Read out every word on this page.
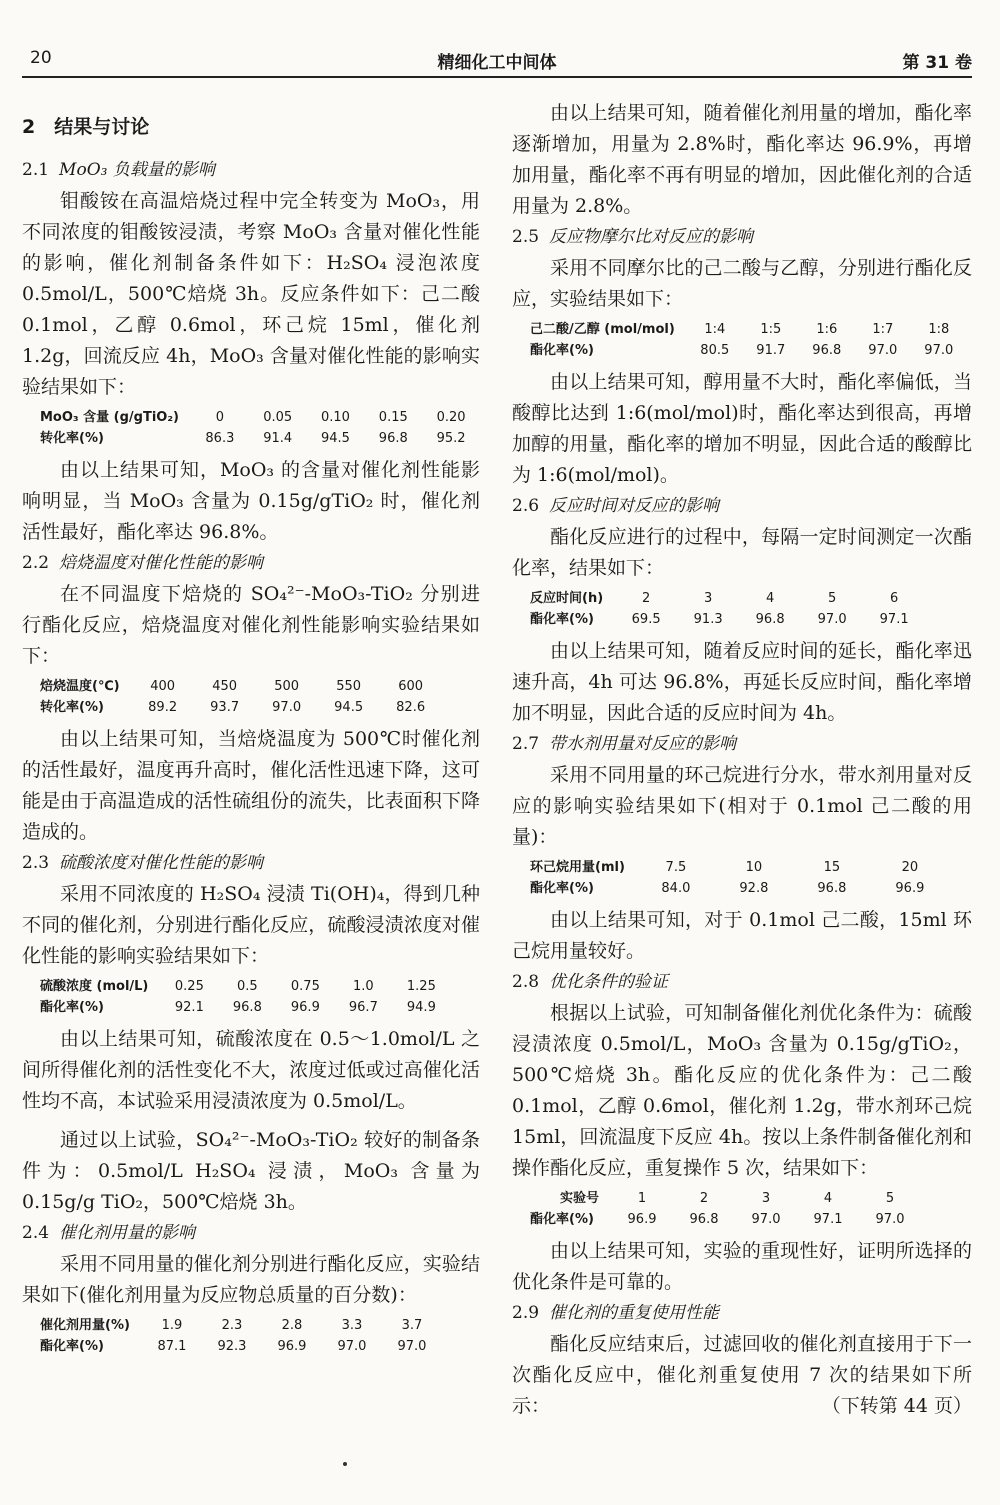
20	精细化工中间体	第 31 卷
2　结果与讨论
2.1 MoO₃ 负载量的影响

钼酸铵在高温焙烧过程中完全转变为 MoO₃，用不同浓度的钼酸铵浸渍，考察 MoO₃ 含量对催化性能的影响，催化剂制备条件如下：H₂SO₄ 浸泡浓度 0.5mol/L，500℃焙烧 3h。反应条件如下：己二酸 0.1mol，乙醇 0.6mol，环己烷 15ml，催化剂 1.2g，回流反应 4h，MoO₃ 含量对催化性能的影响实验结果如下：

MoO₃ 含量 (g/gTiO₂)	0	0.05	0.10	0.15	0.20
转化率(%)	86.3	91.4	94.5	96.8	95.2

由以上结果可知，MoO₃ 的含量对催化剂性能影响明显，当 MoO₃ 含量为 0.15g/gTiO₂ 时，催化剂活性最好，酯化率达 96.8%。

2.2 焙烧温度对催化性能的影响

在不同温度下焙烧的 SO₄²⁻-MoO₃-TiO₂ 分别进行酯化反应，焙烧温度对催化剂性能影响实验结果如下：

焙烧温度(℃)	400	450	500	550	600
转化率(%)	89.2	93.7	97.0	94.5	82.6

由以上结果可知，当焙烧温度为 500℃时催化剂的活性最好，温度再升高时，催化活性迅速下降，这可能是由于高温造成的活性硫组份的流失，比表面积下降造成的。

2.3 硫酸浓度对催化性能的影响

采用不同浓度的 H₂SO₄ 浸渍 Ti(OH)₄，得到几种不同的催化剂，分别进行酯化反应，硫酸浸渍浓度对催化性能的影响实验结果如下：

硫酸浓度 (mol/L)	0.25	0.5	0.75	1.0	1.25
酯化率(%)	92.1	96.8	96.9	96.7	94.9

由以上结果可知，硫酸浓度在 0.5～1.0mol/L 之间所得催化剂的活性变化不大，浓度过低或过高催化活性均不高，本试验采用浸渍浓度为 0.5mol/L。

通过以上试验，SO₄²⁻-MoO₃-TiO₂ 较好的制备条件为：0.5mol/L H₂SO₄ 浸渍，MoO₃ 含量为 0.15g/g TiO₂，500℃焙烧 3h。

2.4 催化剂用量的影响

采用不同用量的催化剂分别进行酯化反应，实验结果如下(催化剂用量为反应物总质量的百分数)：

催化剂用量(%)	1.9	2.3	2.8	3.3	3.7
酯化率(%)	87.1	92.3	96.9	97.0	97.0

由以上结果可知，随着催化剂用量的增加，酯化率逐渐增加，用量为 2.8%时，酯化率达 96.9%，再增加用量，酯化率不再有明显的增加，因此催化剂的合适用量为 2.8%。

2.5 反应物摩尔比对反应的影响

采用不同摩尔比的己二酸与乙醇，分别进行酯化反应，实验结果如下：

己二酸/乙醇 (mol/mol)	1:4	1:5	1:6	1:7	1:8
酯化率(%)	80.5	91.7	96.8	97.0	97.0

由以上结果可知，醇用量不大时，酯化率偏低，当酸醇比达到 1:6(mol/mol)时，酯化率达到很高，再增加醇的用量，酯化率的增加不明显，因此合适的酸醇比为 1:6(mol/mol)。

2.6 反应时间对反应的影响

酯化反应进行的过程中，每隔一定时间测定一次酯化率，结果如下：

反应时间(h)	2	3	4	5	6
酯化率(%)	69.5	91.3	96.8	97.0	97.1

由以上结果可知，随着反应时间的延长，酯化率迅速升高，4h 可达 96.8%，再延长反应时间，酯化率增加不明显，因此合适的反应时间为 4h。

2.7 带水剂用量对反应的影响

采用不同用量的环己烷进行分水，带水剂用量对反应的影响实验结果如下(相对于 0.1mol 己二酸的用量)：

环己烷用量(ml)	7.5	10	15	20
酯化率(%)	84.0	92.8	96.8	96.9

由以上结果可知，对于 0.1mol 己二酸，15ml 环己烷用量较好。

2.8 优化条件的验证

根据以上试验，可知制备催化剂优化条件为：硫酸浸渍浓度 0.5mol/L，MoO₃ 含量为 0.15g/gTiO₂，500℃焙烧 3h。酯化反应的优化条件为：己二酸 0.1mol，乙醇 0.6mol，催化剂 1.2g，带水剂环己烷 15ml，回流温度下反应 4h。按以上条件制备催化剂和操作酯化反应，重复操作 5 次，结果如下：

实验号	1	2	3	4	5
酯化率(%)	96.9	96.8	97.0	97.1	97.0

由以上结果可知，实验的重现性好，证明所选择的优化条件是可靠的。

2.9 催化剂的重复使用性能

酯化反应结束后，过滤回收的催化剂直接用于下一次酯化反应中，催化剂重复使用 7 次的结果如下所示：	（下转第 44 页）
